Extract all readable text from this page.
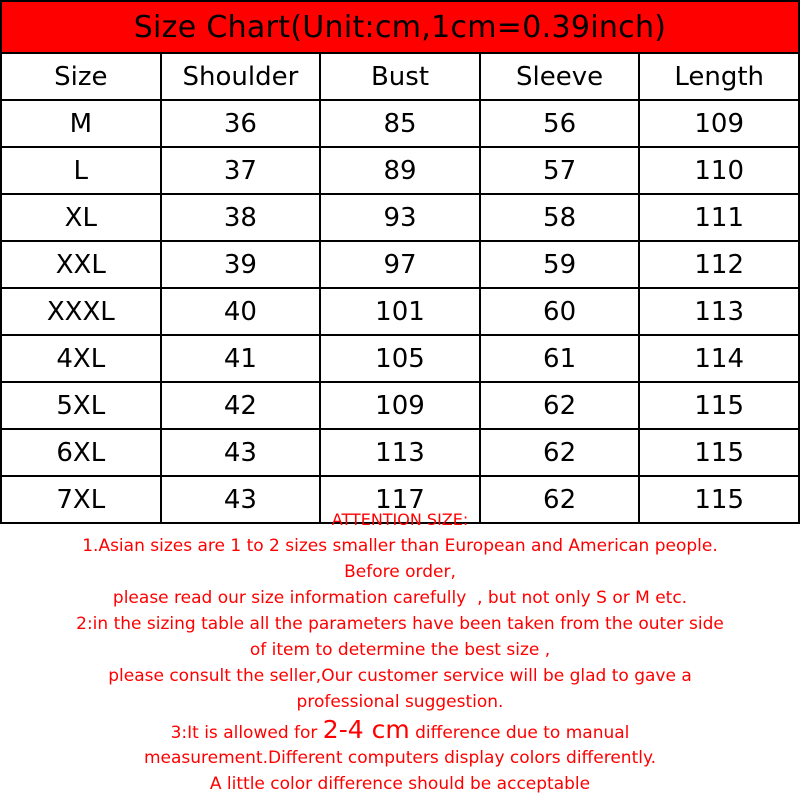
Size Chart(Unit:cm,1cm=0.39inch)
Size	Shoulder	Bust	Sleeve	Length
M	36	85	56	109
L	37	89	57	110
XL	38	93	58	111
XXL	39	97	59	112
XXXL	40	101	60	113
4XL	41	105	61	114
5XL	42	109	62	115
6XL	43	113	62	115
7XL	43	117	62	115
ATTENTION SIZE:
1.Asian sizes are 1 to 2 sizes smaller than European and American people.
Before order,
please read our size information carefully  , but not only S or M etc.
2:in the sizing table all the parameters have been taken from the outer side
of item to determine the best size ,
please consult the seller,Our customer service will be glad to gave a
professional suggestion.
3:It is allowed for 2-4 cm difference due to manual
measurement.Different computers display colors differently.
A little color difference should be acceptable
